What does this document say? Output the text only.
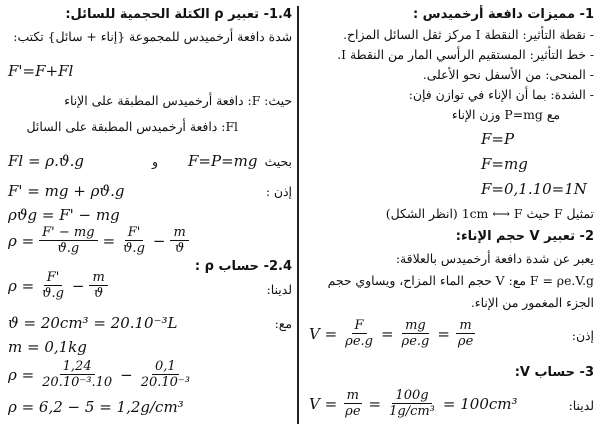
1- مميزات دافعة أرخميدس :
- نقطة التأثير: النقطة I مركز ثقل السائل المزاح.
- خط التأثير: المستقيم الرأسي المار من النقطة I.
- المنحى: من الأسفل نحو الأعلى.
- الشدة: بما أن الإناء في توازن فإن:
مع P=mg وزن الإناء
F=P
F=mg
F=0,1.10=1N
تمثيل F حيث 1cm ⟷ F (انظر الشكل)
2- تعبير V حجم الإناء:
يعبر عن شدة دافعة أرخميدس بالعلاقة:
F = ρe.V.g مع: V حجم الماء المزاح، ويساوي حجم
الجزء المغمور من الإناء.
$V = \frac{F}{\rho e.g} = \frac{mg}{\rho e.g} = \frac{m}{\rho e}$	إذن:
3- حساب V:
$V = \frac{m}{\rho e} = \frac{100g}{\text{1g/cm³}} = 100cm^3$	لدينا:
1.4- تعبير ρ الكتلة الحجمية للسائل:
شدة دافعة أرخميدس للمجموعة {إناء + سائل} تكتب:
F'=F+Fl
حيث: F: دافعة أرخميدس المطبقة على الإناء
Fl: دافعة أرخميدس المطبقة على السائل
Fl = ρ.ϑ.g	و F=P=mg بحيث
F' = mg + ρϑ.g	إذن :
ρϑg = F' − mg
$\rho = \frac{F' - mg}{ϑ.g} = \frac{F'}{ϑ.g} - \frac{m}{ϑ}$
2.4- حساب ρ :
$\rho = \frac{F'}{ϑ.g} - \frac{m}{ϑ}$	لدينا:
ϑ = 20cm³ = 20.10⁻³L	مع:
m = 0,1kg
$\rho = \frac{1,24}{\text{20.10⁻³.10}} - \frac{0,1}{\text{20.10⁻³}}$
ρ = 6,2 − 5 = 1,2g/cm³
